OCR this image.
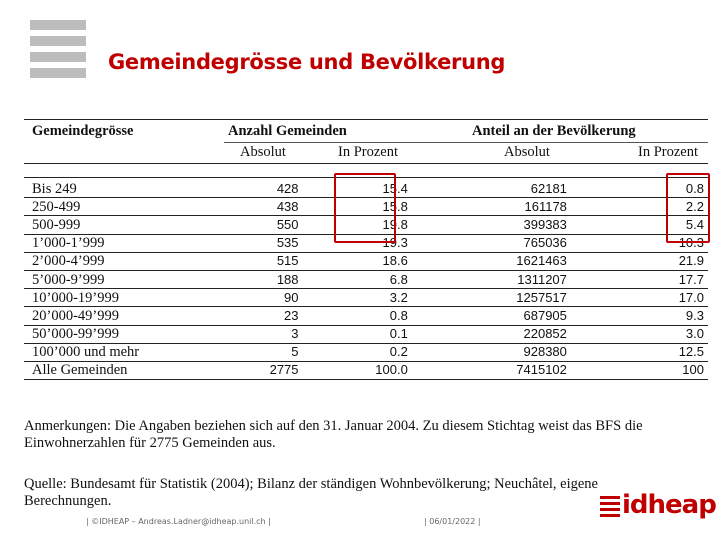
Gemeindegrösse und Bevölkerung
Gemeindegrösse	Anzahl Gemeinden	Anteil an der Bevölkerung
Absolut	In Prozent	Absolut	In Prozent
Bis 249	428	15.4	62181	0.8
250-499	438	15.8	161178	2.2
500-999	550	19.8	399383	5.4
1’000-1’999	535	19.3	765036	10.3
2’000-4’999	515	18.6	1621463	21.9
5’000-9’999	188	6.8	1311207	17.7
10’000-19’999	90	3.2	1257517	17.0
20’000-49’999	23	0.8	687905	9.3
50’000-99’999	3	0.1	220852	3.0
100’000 und mehr	5	0.2	928380	12.5
Alle Gemeinden	2775	100.0	7415102	100
Anmerkungen: Die Angaben beziehen sich auf den 31. Januar 2004. Zu diesem Stichtag weist das BFS die Einwohnerzahlen für 2775 Gemeinden aus.
Quelle: Bundesamt für Statistik (2004); Bilanz der ständigen Wohnbevölkerung; Neuchâtel, eigene Berechnungen.
| ©IDHEAP – Andreas.Ladner@idheap.unil.ch |	| 06/01/2022 |
idheap
